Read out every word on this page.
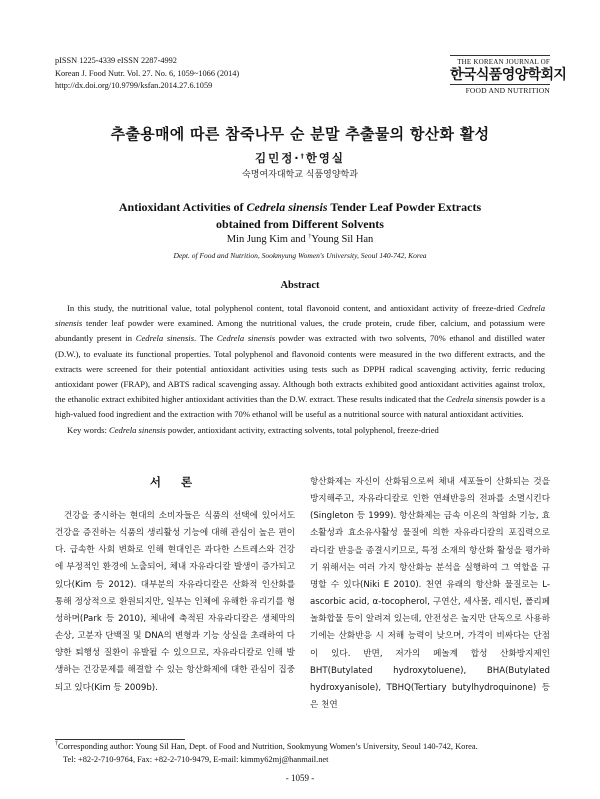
pISSN 1225-4339 eISSN 2287-4992
Korean J. Food Nutr. Vol. 27. No. 6, 1059~1066 (2014)
http://dx.doi.org/10.9799/ksfan.2014.27.6.1059
THE KOREAN JOURNAL OF
한국식품영양학회지
FOOD AND NUTRITION
추출용매에 따른 참죽나무 순 분말 추출물의 항산화 활성
김민정·†한영실
숙명여자대학교 식품영양학과
Antioxidant Activities of Cedrela sinensis Tender Leaf Powder Extracts
obtained from Different Solvents
Min Jung Kim and †Young Sil Han
Dept. of Food and Nutrition, Sookmyung Women's University, Seoul 140-742, Korea
Abstract

In this study, the nutritional value, total polyphenol content, total flavonoid content, and antioxidant activity of freeze-dried Cedrela sinensis tender leaf powder were examined. Among the nutritional values, the crude protein, crude fiber, calcium, and potassium were abundantly present in Cedrela sinensis. The Cedrela sinensis powder was extracted with two solvents, 70% ethanol and distilled water (D.W.), to evaluate its functional properties. Total polyphenol and flavonoid contents were measured in the two different extracts, and the extracts were screened for their potential antioxidant activities using tests such as DPPH radical scavenging activity, ferric reducing antioxidant power (FRAP), and ABTS radical scavenging assay. Although both extracts exhibited good antioxidant activities against trolox, the ethanolic extract exhibited higher antioxidant activities than the D.W. extract. These results indicated that the Cedrela sinensis powder is a high-valued food ingredient and the extraction with 70% ethanol will be useful as a nutritional source with natural antioxidant activities.

Key words: Cedrela sinensis powder, antioxidant activity, extracting solvents, total polyphenol, freeze-dried

서 론

건강을 중시하는 현대의 소비자들은 식품의 선택에 있어서도 건강을 증진하는 식품의 생리활성 기능에 대해 관심이 높은 편이다. 급속한 사회 변화로 인해 현대인은 과다한 스트레스와 건강에 부정적인 환경에 노출되어, 체내 자유라디칼 발생이 증가되고 있다(Kim 등 2012). 대부분의 자유라디칼은 산화적 인산화를 통해 정상적으로 환원되지만, 일부는 인체에 유해한 유리기를 형성하며(Park 등 2010), 체내에 축적된 자유라디칼은 생체막의 손상, 고분자 단백질 및 DNA의 변형과 기능 상실을 초래하여 다양한 퇴행성 질환이 유발될 수 있으므로, 자유라디칼로 인해 발생하는 건강문제를 해결할 수 있는 항산화제에 대한 관심이 집중되고 있다(Kim 등 2009b).

항산화제는 자신이 산화됨으로써 체내 세포들이 산화되는 것을 방지해주고, 자유라디칼로 인한 연쇄반응의 전파를 소멸시킨다(Singleton 등 1999). 항산화제는 금속 이온의 착염화 기능, 효소활성과 효소유사활성 물질에 의한 자유라디칼의 포집력으로 라디칼 반응을 종결시키므로, 특정 소재의 항산화 활성을 평가하기 위해서는 여러 가지 항산화능 분석을 실행하여 그 역할을 규명할 수 있다(Niki E 2010). 천연 유래의 항산화 물질로는 L-ascorbic acid, α-tocopherol, 구연산, 세사몰, 레시틴, 폴리페놀화합물 등이 알려져 있는데, 안전성은 높지만 단독으로 사용하기에는 산화반응 시 저해 능력이 낮으며, 가격이 비싸다는 단점이 있다. 반면, 저가의 페놀계 합성 산화방지제인 BHT(Butylated hydroxytoluene), BHA(Butylated hydroxyanisole), TBHQ(Tertiary butylhydroquinone) 등은 천연

†Corresponding author: Young Sil Han, Dept. of Food and Nutrition, Sookmyung Women’s University, Seoul 140-742, Korea.
Tel: +82-2-710-9764, Fax: +82-2-710-9479, E-mail: kimmy62mj@hanmail.net
- 1059 -
